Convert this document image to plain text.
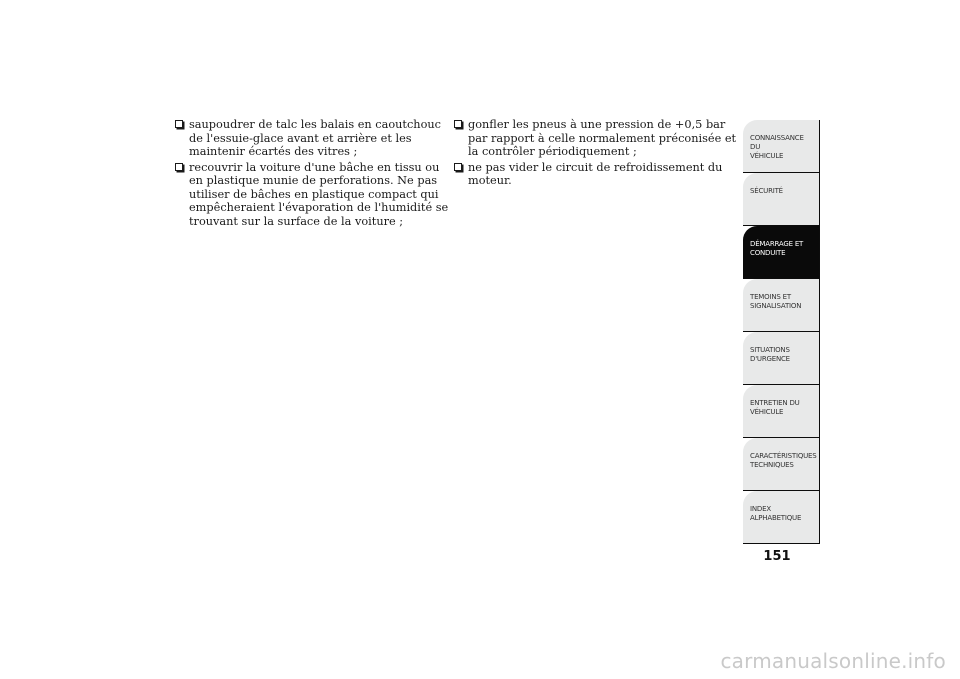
saupoudrer de talc les balais en caoutchouc de l'essuie-glace avant et arrière et les maintenir écartés des vitres ;
recouvrir la voiture d'une bâche en tissu ou en plastique munie de perforations. Ne pas utiliser de bâches en plastique compact qui empêcheraient l'évaporation de l'humidité se trouvant sur la surface de la voiture ;
gonfler les pneus à une pression de +0,5 bar par rapport à celle normalement préconisée et la contrôler périodiquement ;
ne pas vider le circuit de refroidissement du moteur.
CONNAISSANCE DU
VÉHICULE
SÉCURITÉ
DÉMARRAGE ET
CONDUITE
TEMOINS ET
SIGNALISATION
SITUATIONS
D'URGENCE
ENTRETIEN DU
VÉHICULE
CARACTÉRISTIQUES
TECHNIQUES
INDEX
ALPHABETIQUE
151
carmanualsonline.info
